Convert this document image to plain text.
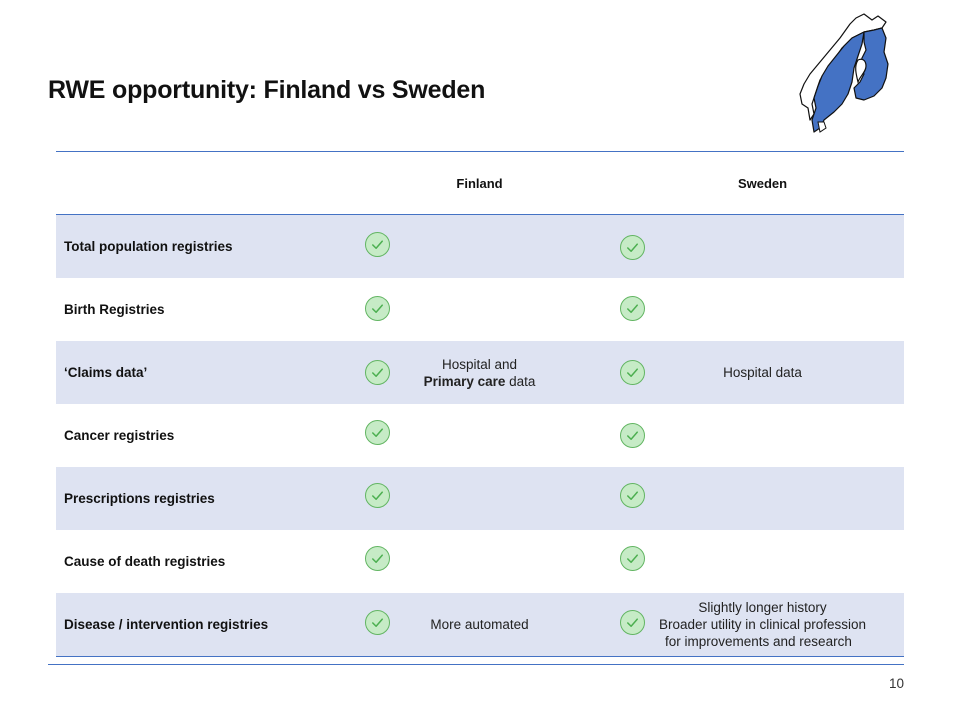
RWE opportunity: Finland vs Sweden
Finland	Sweden
Total population registries
Birth Registries
‘Claims data’
Hospital and
Primary care data
Hospital data
Cancer registries
Prescriptions registries
Cause of death registries
Disease / intervention registries	More automated
Slightly longer history
Broader utility in clinical profession
for improvements and research
10
